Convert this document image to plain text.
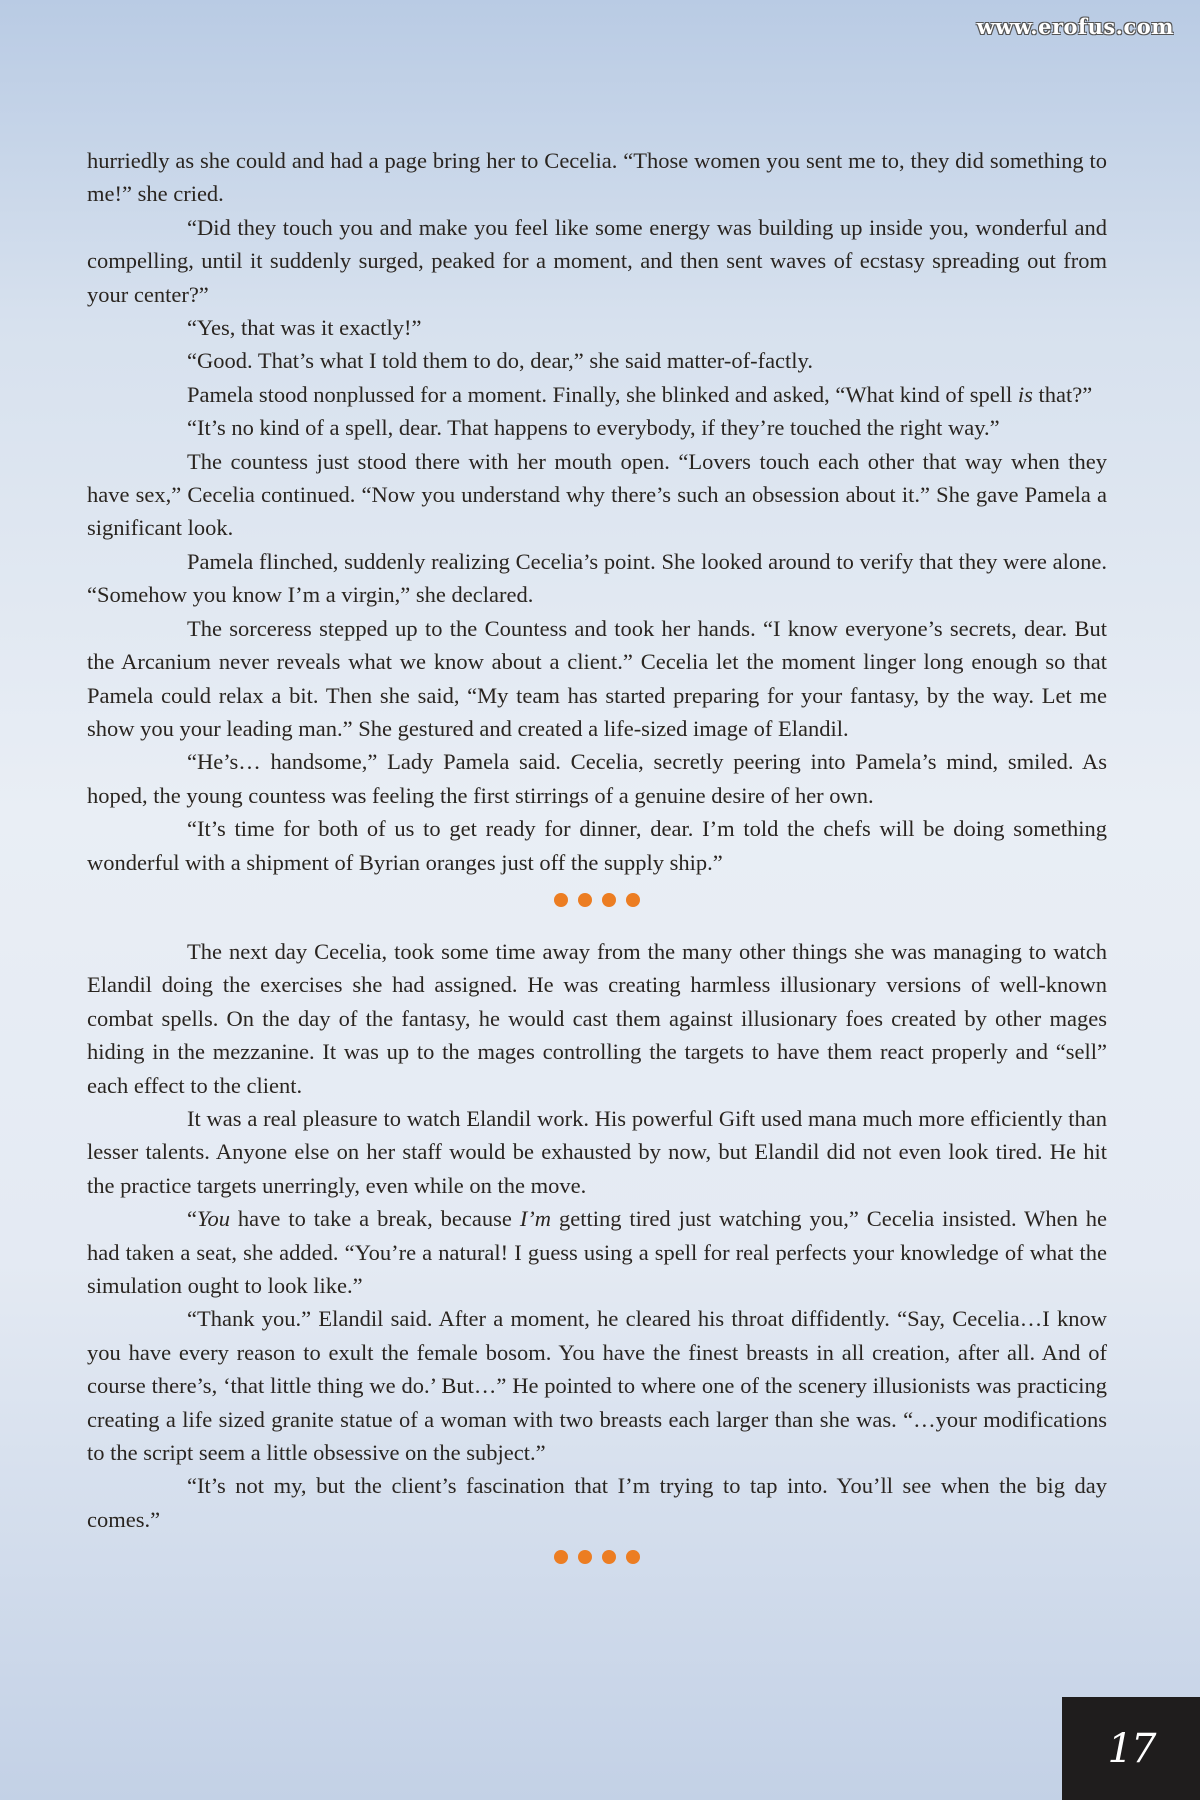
www.erofus.com

hurriedly as she could and had a page bring her to Cecelia. “Those women you sent me to, they did something to me!” she cried.

“Did they touch you and make you feel like some energy was building up inside you, wonderful and compelling, until it suddenly surged, peaked for a moment, and then sent waves of ecstasy spreading out from your center?”

“Yes, that was it exactly!”

“Good. That’s what I told them to do, dear,” she said matter-of-factly.

Pamela stood nonplussed for a moment. Finally, she blinked and asked, “What kind of spell is that?”

“It’s no kind of a spell, dear. That happens to everybody, if they’re touched the right way.”

The countess just stood there with her mouth open. “Lovers touch each other that way when they have sex,” Cecelia continued. “Now you understand why there’s such an obsession about it.” She gave Pamela a significant look.

Pamela flinched, suddenly realizing Cecelia’s point. She looked around to verify that they were alone. “Somehow you know I’m a virgin,” she declared.

The sorceress stepped up to the Countess and took her hands. “I know everyone’s secrets, dear. But the Arcanium never reveals what we know about a client.” Cecelia let the moment linger long enough so that Pamela could relax a bit. Then she said, “My team has started preparing for your fantasy, by the way. Let me show you your leading man.” She gestured and created a life-sized image of Elandil.

“He’s… handsome,” Lady Pamela said. Cecelia, secretly peering into Pamela’s mind, smiled. As hoped, the young countess was feeling the first stirrings of a genuine desire of her own.

“It’s time for both of us to get ready for dinner, dear. I’m told the chefs will be doing something wonderful with a shipment of Byrian oranges just off the supply ship.”

The next day Cecelia, took some time away from the many other things she was managing to watch Elandil doing the exercises she had assigned. He was creating harmless illusionary versions of well-known combat spells. On the day of the fantasy, he would cast them against illusionary foes created by other mages hiding in the mezzanine. It was up to the mages controlling the targets to have them react properly and “sell” each effect to the client.

It was a real pleasure to watch Elandil work. His powerful Gift used mana much more efficiently than lesser talents. Anyone else on her staff would be exhausted by now, but Elandil did not even look tired. He hit the practice targets unerringly, even while on the move.

“You have to take a break, because I’m getting tired just watching you,” Cecelia insisted. When he had taken a seat, she added. “You’re a natural! I guess using a spell for real perfects your knowledge of what the simulation ought to look like.”

“Thank you.” Elandil said. After a moment, he cleared his throat diffidently. “Say, Cecelia…I know you have every reason to exult the female bosom. You have the finest breasts in all creation, after all. And of course there’s, ‘that little thing we do.’ But…” He pointed to where one of the scenery illusionists was practicing creating a life sized granite statue of a woman with two breasts each larger than she was. “…your modifications to the script seem a little obsessive on the subject.”

“It’s not my, but the client’s fascination that I’m trying to tap into. You’ll see when the big day comes.”

17
